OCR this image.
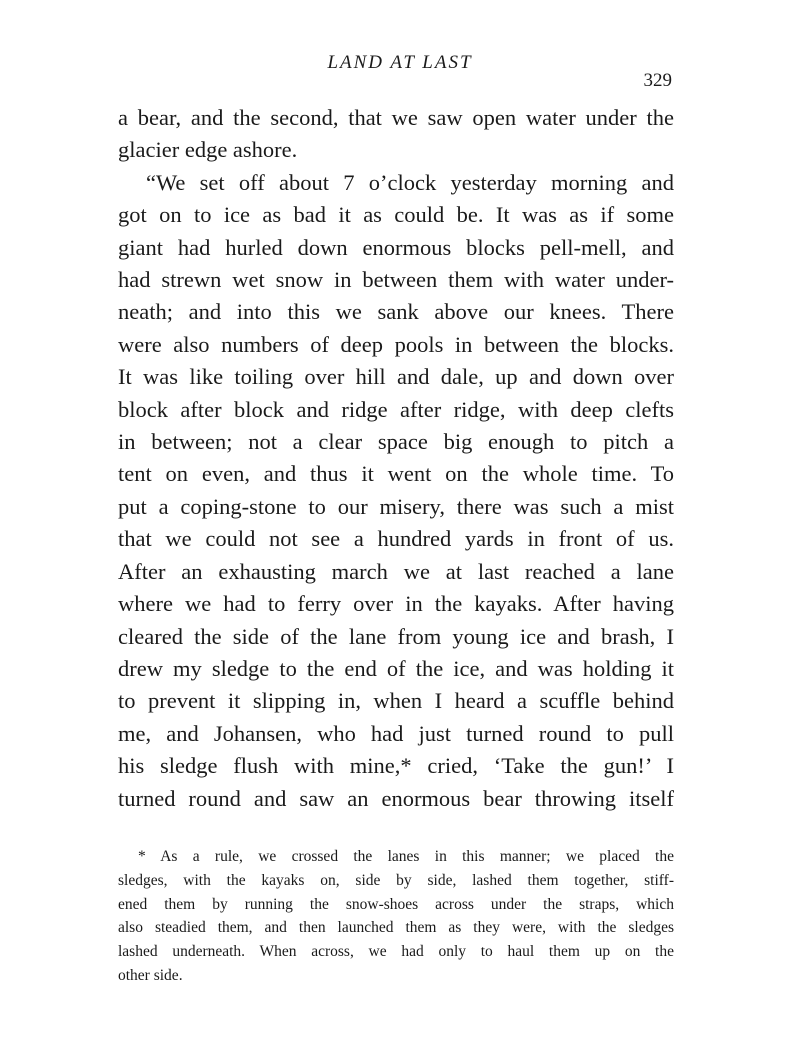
LAND AT LAST
329
a bear, and the second, that we saw open water under the
glacier edge ashore.
“We set off about 7 o’clock yesterday morning and
got on to ice as bad it as could be. It was as if some
giant had hurled down enormous blocks pell-mell, and
had strewn wet snow in between them with water under-
neath; and into this we sank above our knees. There
were also numbers of deep pools in between the blocks.
It was like toiling over hill and dale, up and down over
block after block and ridge after ridge, with deep clefts
in between; not a clear space big enough to pitch a
tent on even, and thus it went on the whole time. To
put a coping-stone to our misery, there was such a mist
that we could not see a hundred yards in front of us.
After an exhausting march we at last reached a lane
where we had to ferry over in the kayaks. After having
cleared the side of the lane from young ice and brash, I
drew my sledge to the end of the ice, and was holding it
to prevent it slipping in, when I heard a scuffle behind
me, and Johansen, who had just turned round to pull
his sledge flush with mine,* cried, ‘Take the gun!’ I
turned round and saw an enormous bear throwing itself
* As a rule, we crossed the lanes in this manner; we placed the
sledges, with the kayaks on, side by side, lashed them together, stiff-
ened them by running the snow-shoes across under the straps, which
also steadied them, and then launched them as they were, with the sledges
lashed underneath. When across, we had only to haul them up on the
other side.
